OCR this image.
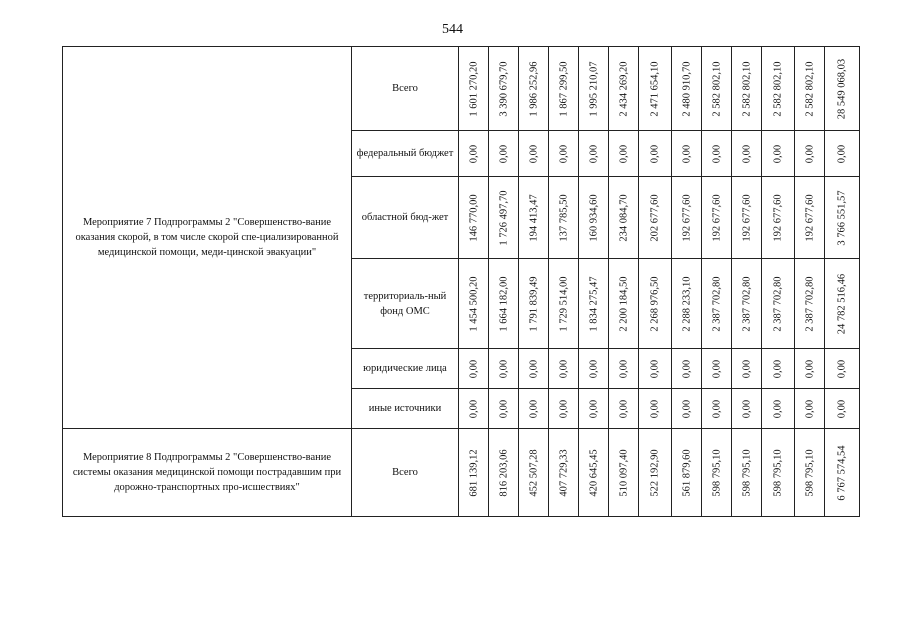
544
Мероприятие 7 Подпрограммы 2 "Совершенство-вание оказания скорой, в том числе скорой спе-циализированной медицинской помощи, меди-цинской эвакуации"	Всего	1 601 270,20	3 390 679,70	1 986 252,96	1 867 299,50	1 995 210,07	2 434 269,20	2 471 654,10	2 480 910,70	2 582 802,10	2 582 802,10	2 582 802,10	2 582 802,10	28 549 068,03

	федеральный бюджет	0,00	0,00	0,00	0,00	0,00	0,00	0,00	0,00	0,00	0,00	0,00	0,00	0,00

	областной бюд-жет	146 770,00	1 726 497,70	194 413,47	137 785,50	160 934,60	234 084,70	202 677,60	192 677,60	192 677,60	192 677,60	192 677,60	192 677,60	3 766 551,57

	территориаль-ный фонд ОМС	1 454 500,20	1 664 182,00	1 791 839,49	1 729 514,00	1 834 275,47	2 200 184,50	2 268 976,50	2 288 233,10	2 387 702,80	2 387 702,80	2 387 702,80	2 387 702,80	24 782 516,46

	юридические лица	0,00	0,00	0,00	0,00	0,00	0,00	0,00	0,00	0,00	0,00	0,00	0,00	0,00

	иные источники	0,00	0,00	0,00	0,00	0,00	0,00	0,00	0,00	0,00	0,00	0,00	0,00	0,00

Мероприятие 8 Подпрограммы 2 "Совершенство-вание системы оказания медицинской помощи пострадавшим при дорожно-транспортных про-исшествиях"	Всего	681 139,12	816 203,06	452 507,28	407 729,33	420 645,45	510 097,40	522 192,90	561 879,60	598 795,10	598 795,10	598 795,10	598 795,10	6 767 574,54
